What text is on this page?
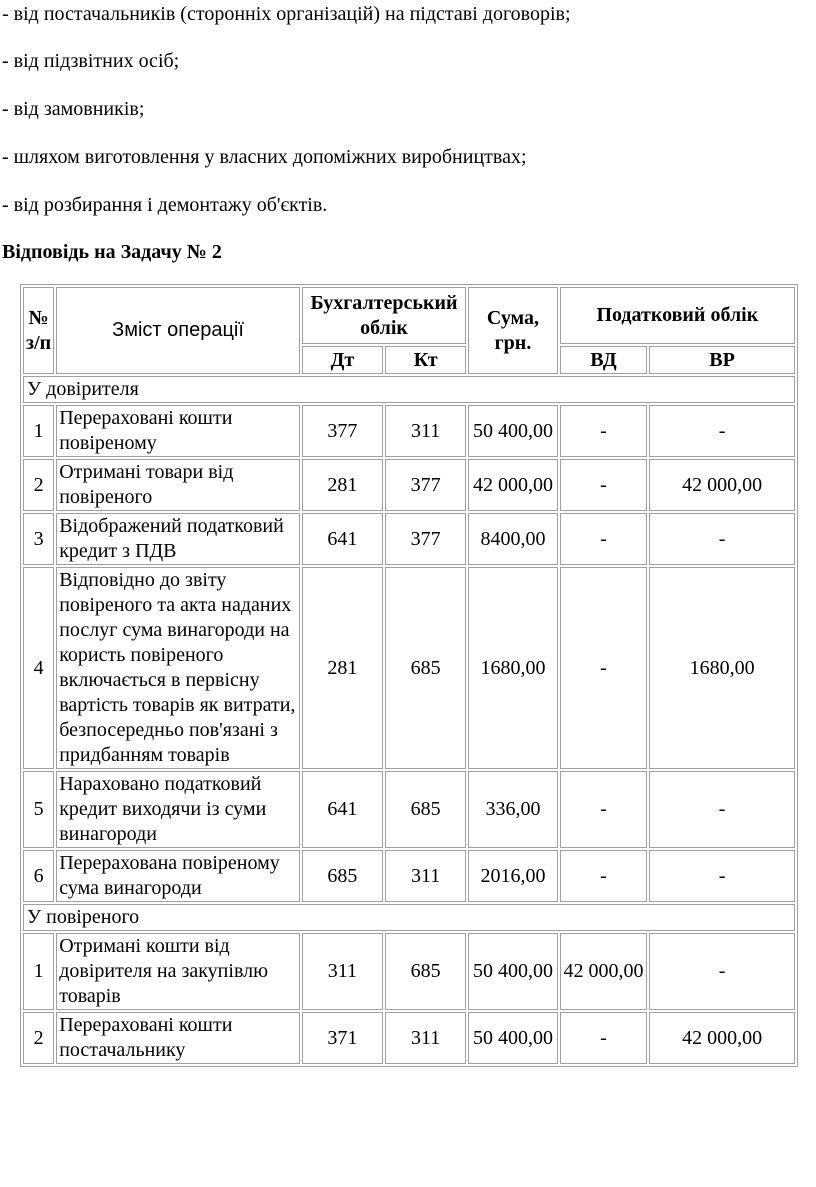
- від постачальників (сторонніх організацій) на підставі договорів;
- від підзвітних осіб;
- від замовників;
- шляхом виготовлення у власних допоміжних виробництвах;
- від розбирання і демонтажу об'єктів.
Відповідь на Задачу № 2
№ з/п	Зміст операції	Бухгалтерський облік		Сума, грн.	Податковий облік	
		Дт	Кт		ВД	ВР
У довірителя						
1	Перераховані кошти повіреному	377	311	50 400,00	-	-
2	Отримані товари від повіреного	281	377	42 000,00	-	42 000,00
3	Відображений податковий кредит з ПДВ	641	377	8400,00	-	-
4	Відповідно до звіту повіреного та акта наданих послуг сума винагороди на користь повіреного включається в первісну вартість товарів як витрати, безпосередньо пов'язані з придбанням товарів	281	685	1680,00	-	1680,00
5	Нараховано податковий кредит виходячи із суми винагороди	641	685	336,00	-	-
6	Перерахована повіреному сума винагороди	685	311	2016,00	-	-
У повіреного						
1	Отримані кошти від довірителя на закупівлю товарів	311	685	50 400,00	42 000,00	-
2	Перераховані кошти постачальнику	371	311	50 400,00	-	42 000,00
